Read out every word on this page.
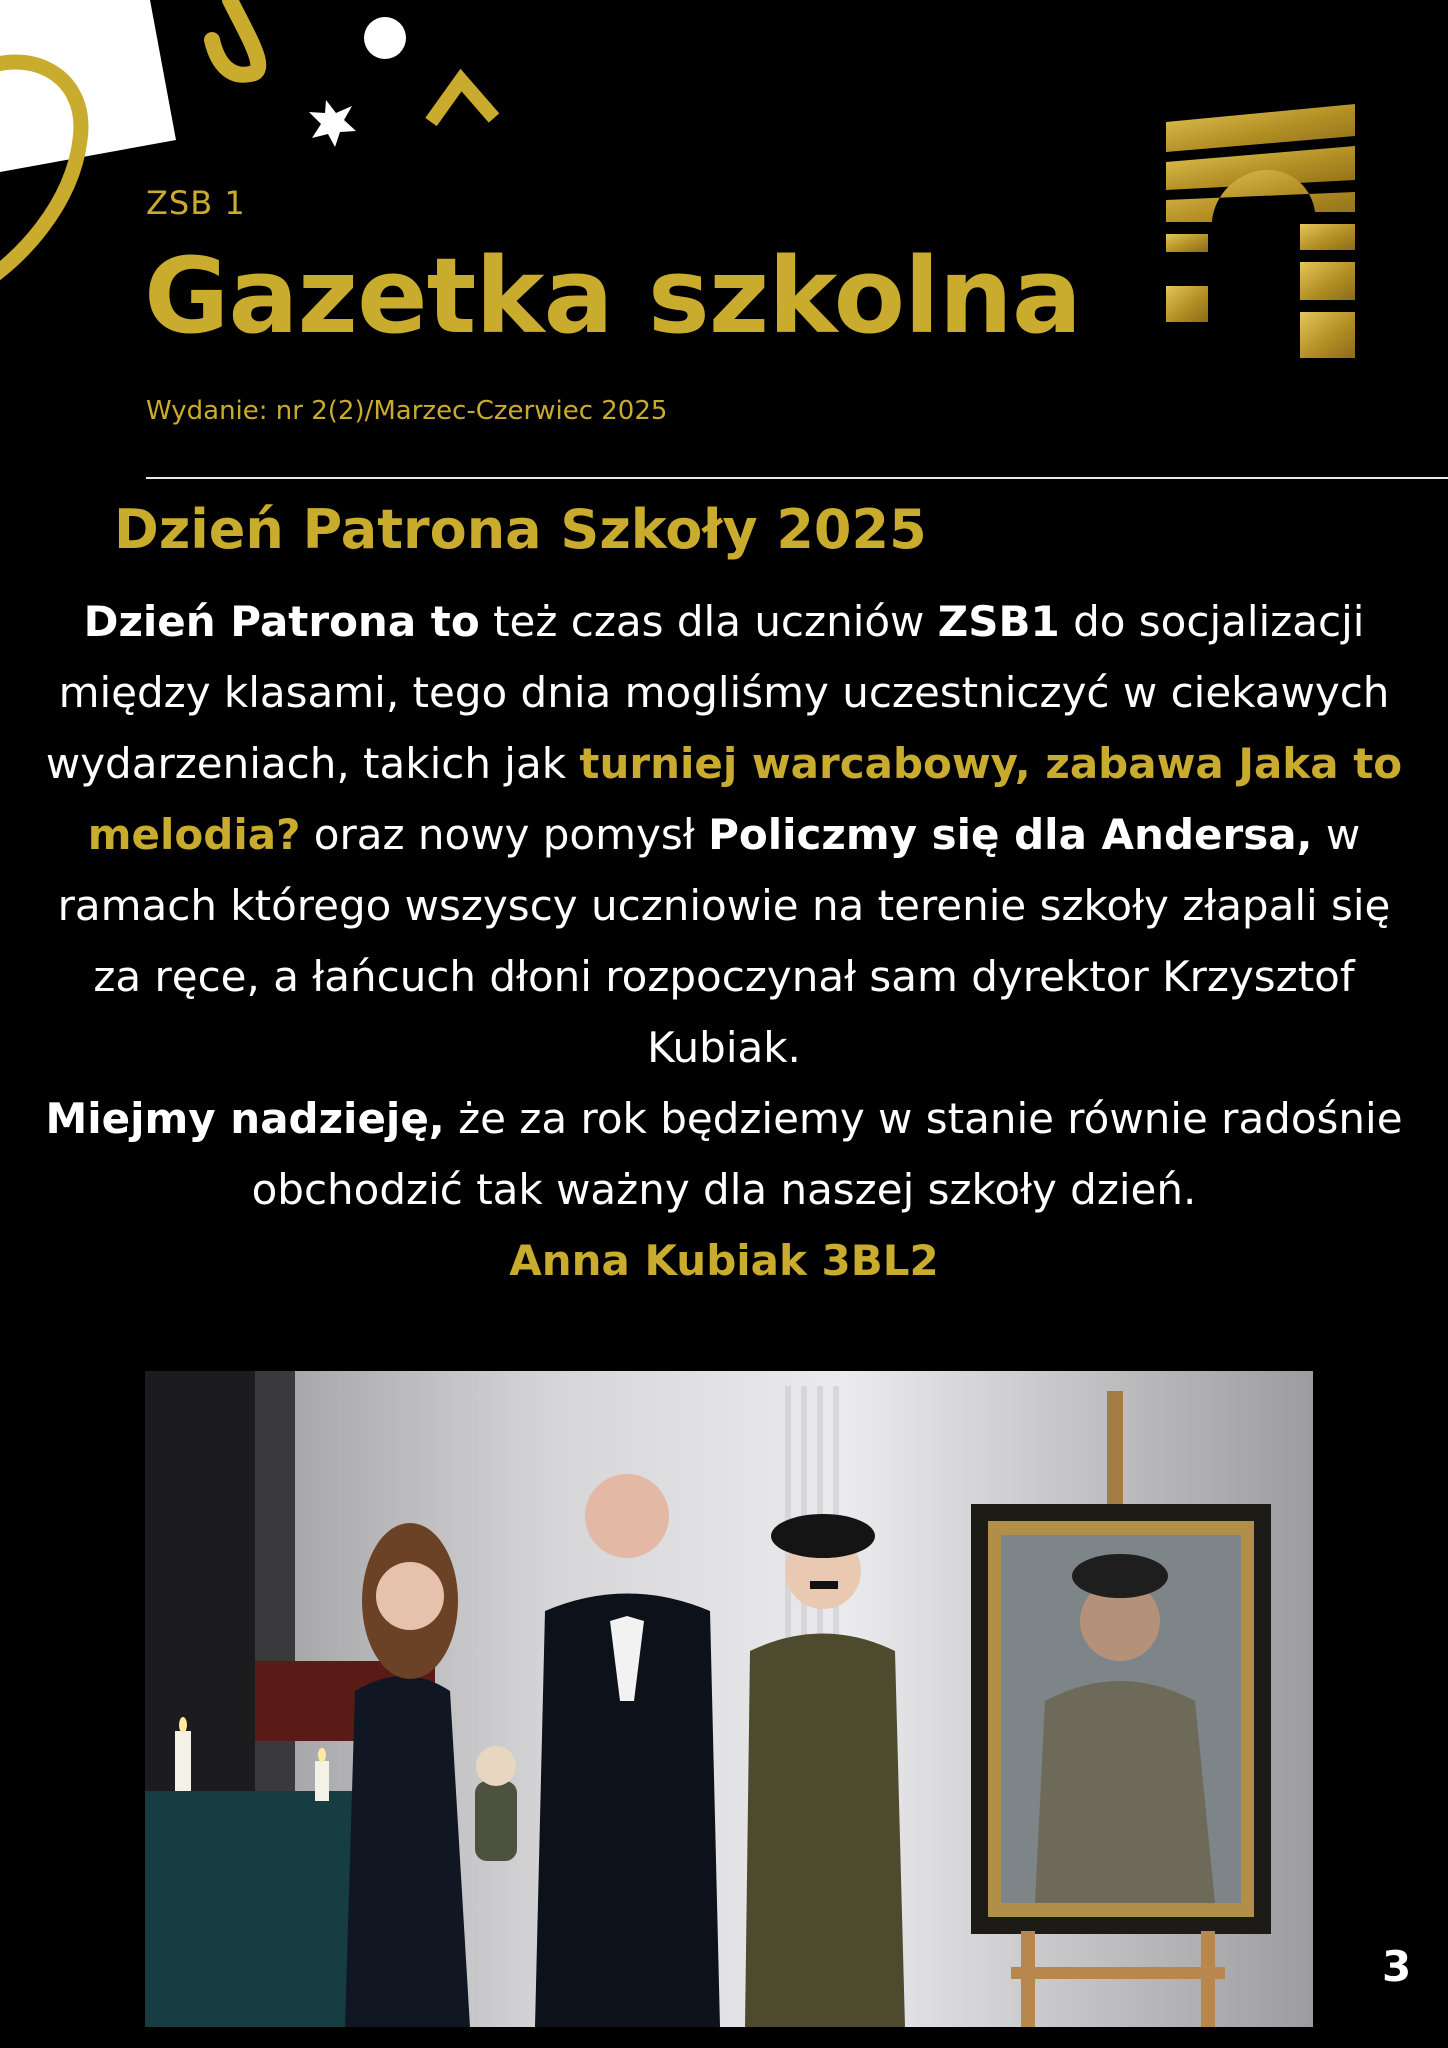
ZSB 1
Gazetka szkolna
Wydanie: nr 2(2)/Marzec-Czerwiec 2025
Dzień Patrona Szkoły 2025
Dzień Patrona to też czas dla uczniów ZSB1 do socjalizacji między klasami, tego dnia mogliśmy uczestniczyć w ciekawych wydarzeniach, takich jak turniej warcabowy, zabawa Jaka to melodia? oraz nowy pomysł Policzmy się dla Andersa, w ramach którego wszyscy uczniowie na terenie szkoły złapali się za ręce, a łańcuch dłoni rozpoczynał sam dyrektor Krzysztof Kubiak.
Miejmy nadzieję, że za rok będziemy w stanie równie radośnie obchodzić tak ważny dla naszej szkoły dzień.
Anna Kubiak 3BL2
3
